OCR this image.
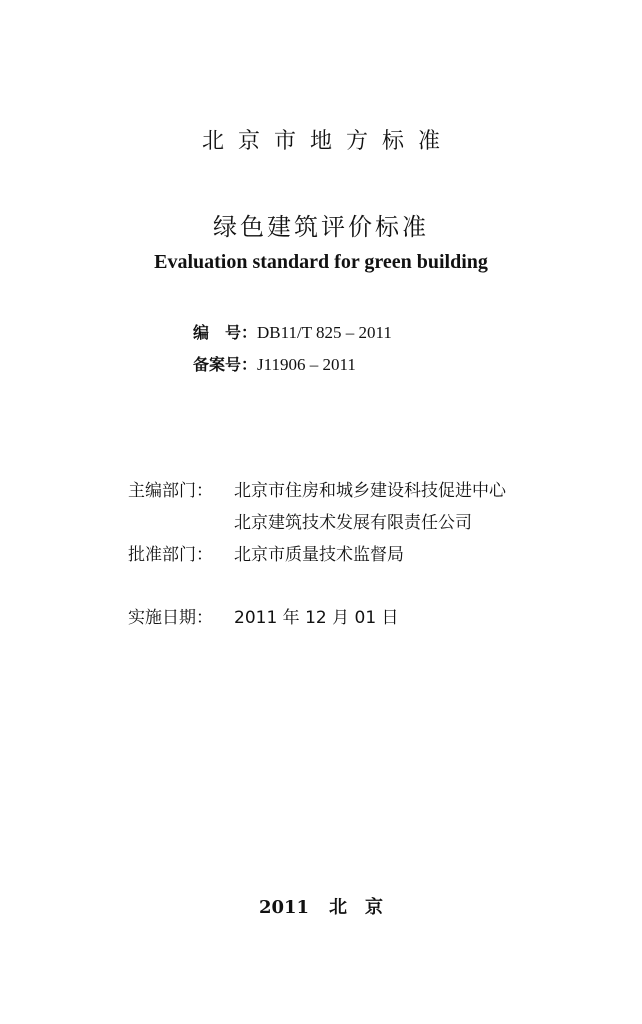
北京市地方标准
绿色建筑评价标准
Evaluation standard for green building
编　号：DB11/T 825 – 2011
备案号：J11906 – 2011
主编部门： 北京市住房和城乡建设科技促进中心
北京建筑技术发展有限责任公司
批准部门： 北京市质量技术监督局
实施日期： 2011 年 12 月 01 日
2011 北　京
